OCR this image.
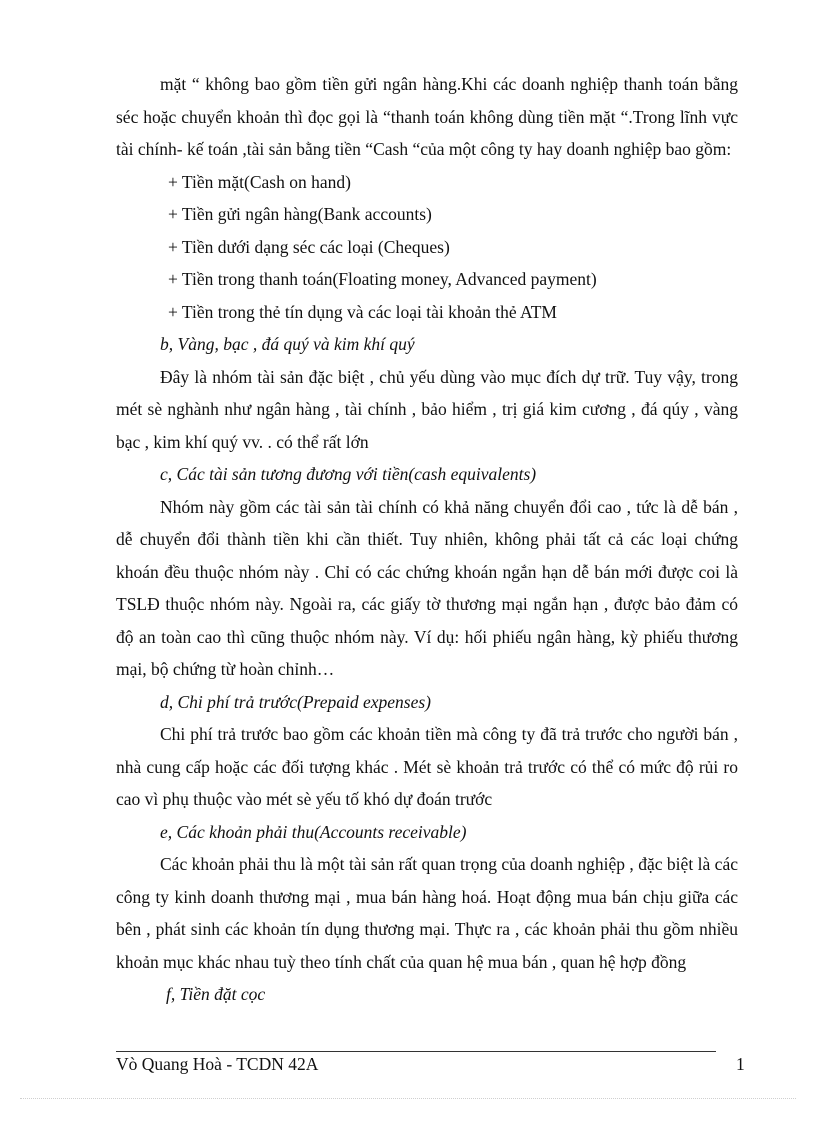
mặt “ không bao gồm tiền gửi ngân hàng.Khi các doanh nghiệp thanh toán bằng séc hoặc chuyển khoản thì đọc gọi là “thanh toán không dùng tiền mặt “.Trong lĩnh vực tài chính- kế toán ,tài sản bằng tiền “Cash “của một công ty hay doanh nghiệp bao gồm:

+ Tiền mặt(Cash on hand)

+ Tiền gửi ngân hàng(Bank accounts)

+ Tiền dưới dạng séc các loại (Cheques)

+ Tiền trong thanh toán(Floating money, Advanced payment)

+ Tiền trong thẻ tín dụng và các loại tài khoản thẻ ATM

b, Vàng, bạc , đá quý và kim khí quý

Đây là nhóm tài sản đặc biệt , chủ yếu dùng vào mục đích dự trữ. Tuy vậy, trong mét sè nghành như ngân hàng , tài chính , bảo hiểm , trị giá kim cương , đá qúy , vàng bạc , kim khí quý vv. . có thể rất lớn

c, Các tài sản tương đương với tiền(cash equivalents)

Nhóm này gồm các tài sản tài chính có khả năng chuyển đổi cao , tức là dễ bán , dễ chuyển đổi thành tiền khi cần thiết. Tuy nhiên, không phải tất cả các loại chứng khoán đều thuộc nhóm này . Chỉ có các chứng khoán ngắn hạn dễ bán mới được coi là TSLĐ thuộc nhóm này. Ngoài ra, các giấy tờ thương mại ngắn hạn , được bảo đảm có độ an toàn cao thì cũng thuộc nhóm này. Ví dụ: hối phiếu ngân hàng, kỳ phiếu thương mại, bộ chứng từ hoàn chỉnh…

d, Chi phí trả trước(Prepaid expenses)

Chi phí trả trước bao gồm các khoản tiền mà công ty đã trả trước cho người bán , nhà cung cấp hoặc các đối tượng khác . Mét sè khoản trả trước có thể có mức độ rủi ro cao vì phụ thuộc vào mét sè yếu tố khó dự đoán trước

e, Các khoản phải thu(Accounts receivable)

Các khoản phải thu là một tài sản rất quan trọng của doanh nghiệp , đặc biệt là các công ty kinh doanh thương mại , mua bán hàng hoá. Hoạt động mua bán chịu giữa các bên , phát sinh các khoản tín dụng thương mại. Thực ra , các khoản phải thu gồm nhiều khoản mục khác nhau tuỳ theo tính chất của quan hệ mua bán , quan hệ hợp đồng

f, Tiền đặt cọc

Vò Quang Hoà - TCDN 42A	1
